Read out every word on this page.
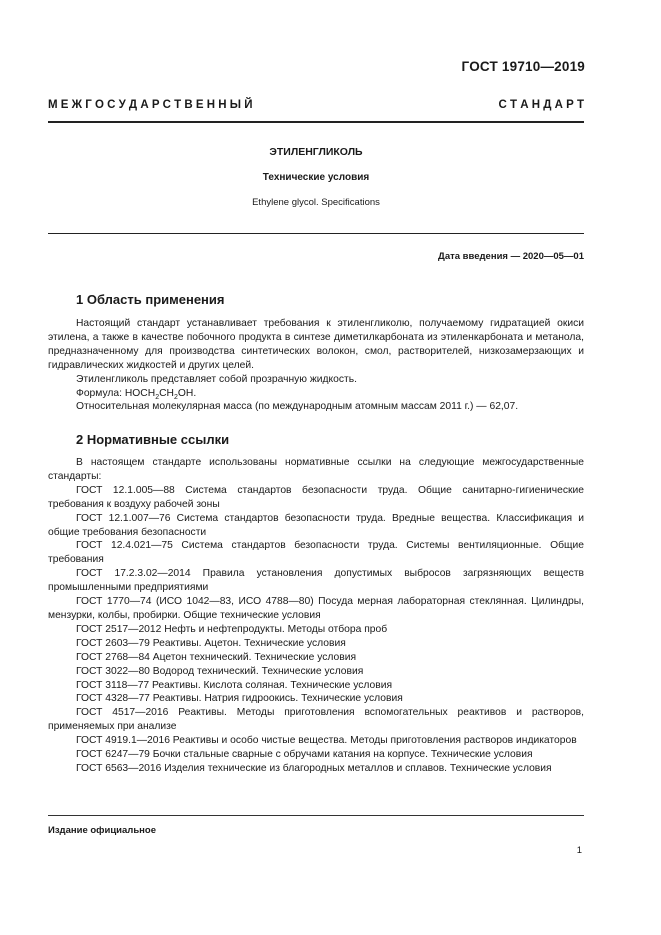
ГОСТ 19710—2019
М Е Ж Г О С У Д А Р С Т В Е Н Н Ы Й	С Т А Н Д А Р Т
ЭТИЛЕНГЛИКОЛЬ
Технические условия
Ethylene glycol. Specifications
Дата введения — 2020—05—01
1 Область применения

Настоящий стандарт устанавливает требования к этиленгликолю, получаемому гидратацией окиси этилена, а также в качестве побочного продукта в синтезе диметилкарбоната из этиленкарбоната и метанола, предназначенному для производства синтетических волокон, смол, растворителей, низкозамерзающих и гидравлических жидкостей и других целей.

Этиленгликоль представляет собой прозрачную жидкость.

Формула: $HOCH_2CH_2OH$.

Относительная молекулярная масса (по международным атомным массам 2011 г.) — 62,07.

2 Нормативные ссылки

В настоящем стандарте использованы нормативные ссылки на следующие межгосударственные стандарты:

ГОСТ 12.1.005—88 Система стандартов безопасности труда. Общие санитарно-гигиенические требования к воздуху рабочей зоны

ГОСТ 12.1.007—76 Система стандартов безопасности труда. Вредные вещества. Классификация и общие требования безопасности

ГОСТ 12.4.021—75 Система стандартов безопасности труда. Системы вентиляционные. Общие требования

ГОСТ 17.2.3.02—2014 Правила установления допустимых выбросов загрязняющих веществ промышленными предприятиями

ГОСТ 1770—74 (ИСО 1042—83, ИСО 4788—80) Посуда мерная лабораторная стеклянная. Цилиндры, мензурки, колбы, пробирки. Общие технические условия

ГОСТ 2517—2012 Нефть и нефтепродукты. Методы отбора проб

ГОСТ 2603—79 Реактивы. Ацетон. Технические условия

ГОСТ 2768—84 Ацетон технический. Технические условия

ГОСТ 3022—80 Водород технический. Технические условия

ГОСТ 3118—77 Реактивы. Кислота соляная. Технические условия

ГОСТ 4328—77 Реактивы. Натрия гидроокись. Технические условия

ГОСТ 4517—2016 Реактивы. Методы приготовления вспомогательных реактивов и растворов, применяемых при анализе

ГОСТ 4919.1—2016 Реактивы и особо чистые вещества. Методы приготовления растворов индикаторов

ГОСТ 6247—79 Бочки стальные сварные с обручами катания на корпусе. Технические условия

ГОСТ 6563—2016 Изделия технические из благородных металлов и сплавов. Технические условия

Издание официальное
1
